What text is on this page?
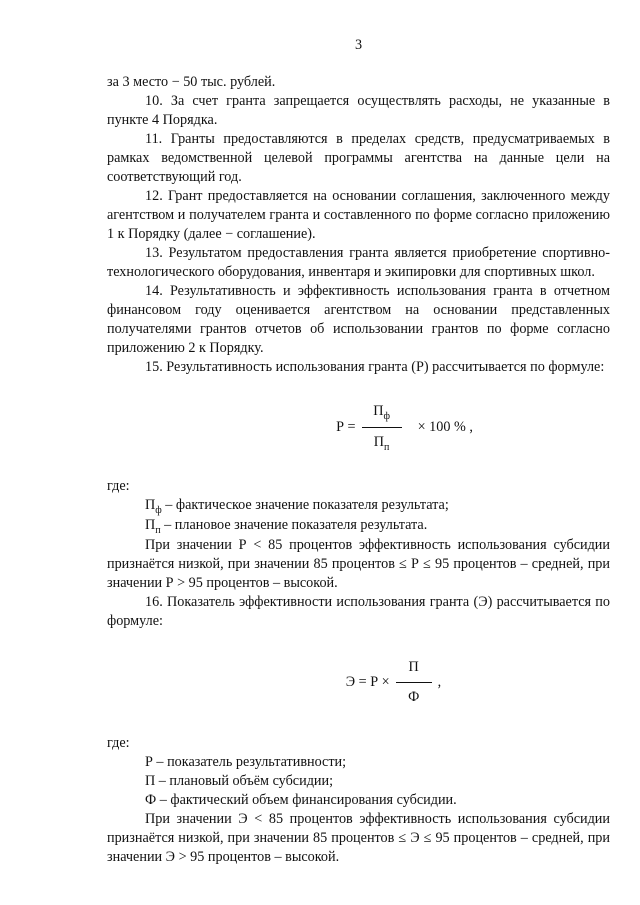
3

за 3 место − 50 тыс. рублей.

10. За счет гранта запрещается осуществлять расходы, не указанные в пункте 4 Порядка.

11. Гранты предоставляются в пределах средств, предусматриваемых в рамках ведомственной целевой программы агентства на данные цели на соответствующий год.

12. Грант предоставляется на основании соглашения, заключенного между агентством и получателем гранта и составленного по форме согласно приложению 1 к Порядку (далее − соглашение).

13. Результатом предоставления гранта является приобретение спортивно-технологического оборудования, инвентаря и экипировки для спортивных школ.

14. Результативность и эффективность использования гранта в отчетном финансовом году оценивается агентством на основании представленных получателями грантов отчетов об использовании грантов по форме согласно приложению 2 к Порядку.

15. Результативность использования гранта (Р) рассчитывается по формуле:

$Р = \frac{П_ф}{П_п} \times 100$ % ,

где:

$П_ф$ – фактическое значение показателя результата;

$П_п$ – плановое значение показателя результата.

При значении Р < 85 процентов эффективность использования субсидии признаётся низкой, при значении 85 процентов ≤ Р ≤ 95 процентов – средней, при значении Р > 95 процентов – высокой.

16. Показатель эффективности использования гранта (Э) рассчитывается по формуле:

$Э = Р \times \frac{П}{Ф}$ ,

где:

Р – показатель результативности;

П – плановый объём субсидии;

Ф – фактический объем финансирования субсидии.

При значении Э < 85 процентов эффективность использования субсидии признаётся низкой, при значении 85 процентов ≤ Э ≤ 95 процентов – средней, при значении Э > 95 процентов – высокой.
